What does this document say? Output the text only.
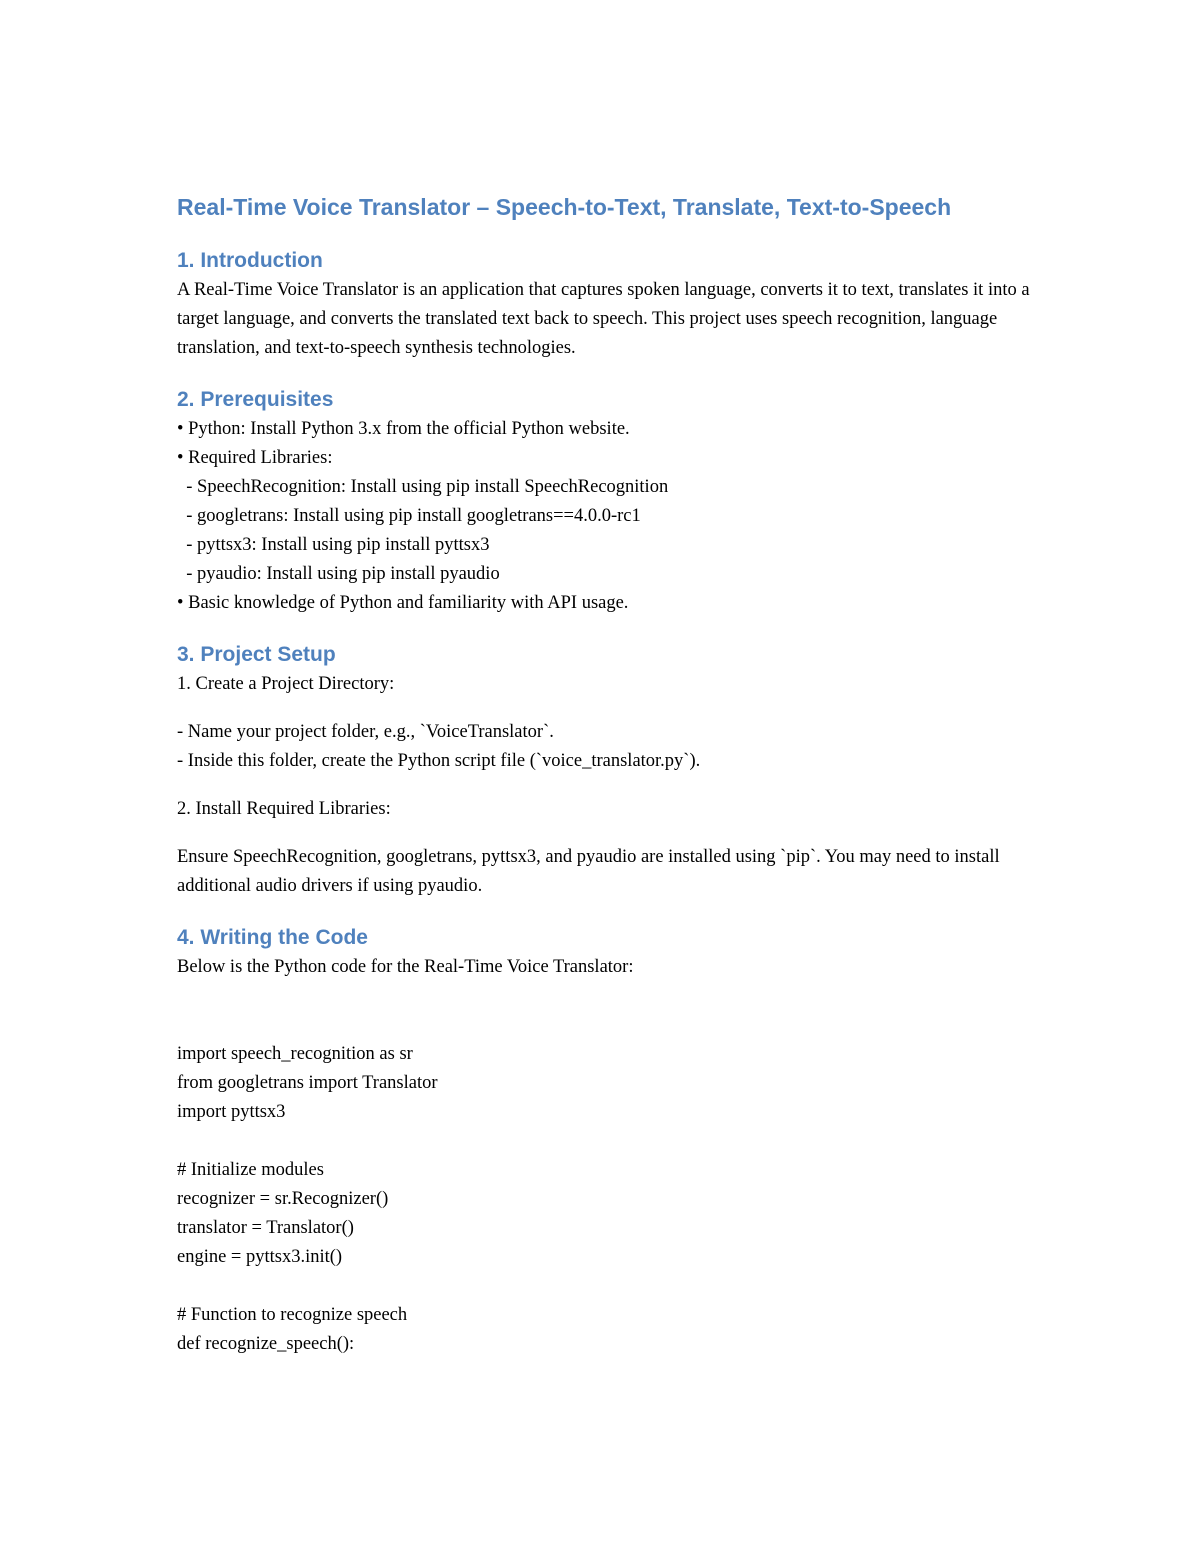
Real-Time Voice Translator – Speech-to-Text, Translate, Text-to-Speech
1. Introduction

A Real-Time Voice Translator is an application that captures spoken language, converts it to text, translates it into a target language, and converts the translated text back to speech. This project uses speech recognition, language translation, and text-to-speech synthesis technologies.

2. Prerequisites

• Python: Install Python 3.x from the official Python website.

• Required Libraries:

- SpeechRecognition: Install using pip install SpeechRecognition

- googletrans: Install using pip install googletrans==4.0.0-rc1

- pyttsx3: Install using pip install pyttsx3

- pyaudio: Install using pip install pyaudio

• Basic knowledge of Python and familiarity with API usage.

3. Project Setup

1. Create a Project Directory:

- Name your project folder, e.g., `VoiceTranslator`.

- Inside this folder, create the Python script file (`voice_translator.py`).

2. Install Required Libraries:

Ensure SpeechRecognition, googletrans, pyttsx3, and pyaudio are installed using `pip`. You may need to install additional audio drivers if using pyaudio.

4. Writing the Code

Below is the Python code for the Real-Time Voice Translator:

import speech_recognition as sr

from googletrans import Translator

import pyttsx3

# Initialize modules

recognizer = sr.Recognizer()

translator = Translator()

engine = pyttsx3.init()

# Function to recognize speech

def recognize_speech():
